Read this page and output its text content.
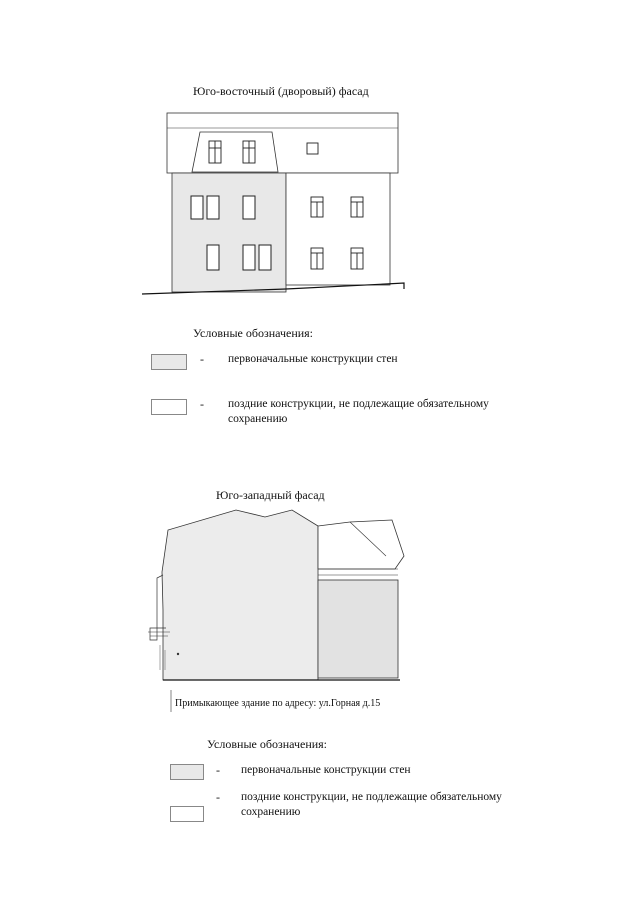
Юго-восточный (дворовый) фасад
Условные обозначения:
- первоначальные конструкции стен
- поздние конструкции, не подлежащие обязательному сохранению
Юго-западный фасад
Примыкающее здание по адресу: ул.Горная д.15
Условные обозначения:
- первоначальные конструкции стен
- поздние конструкции, не подлежащие обязательному сохранению
